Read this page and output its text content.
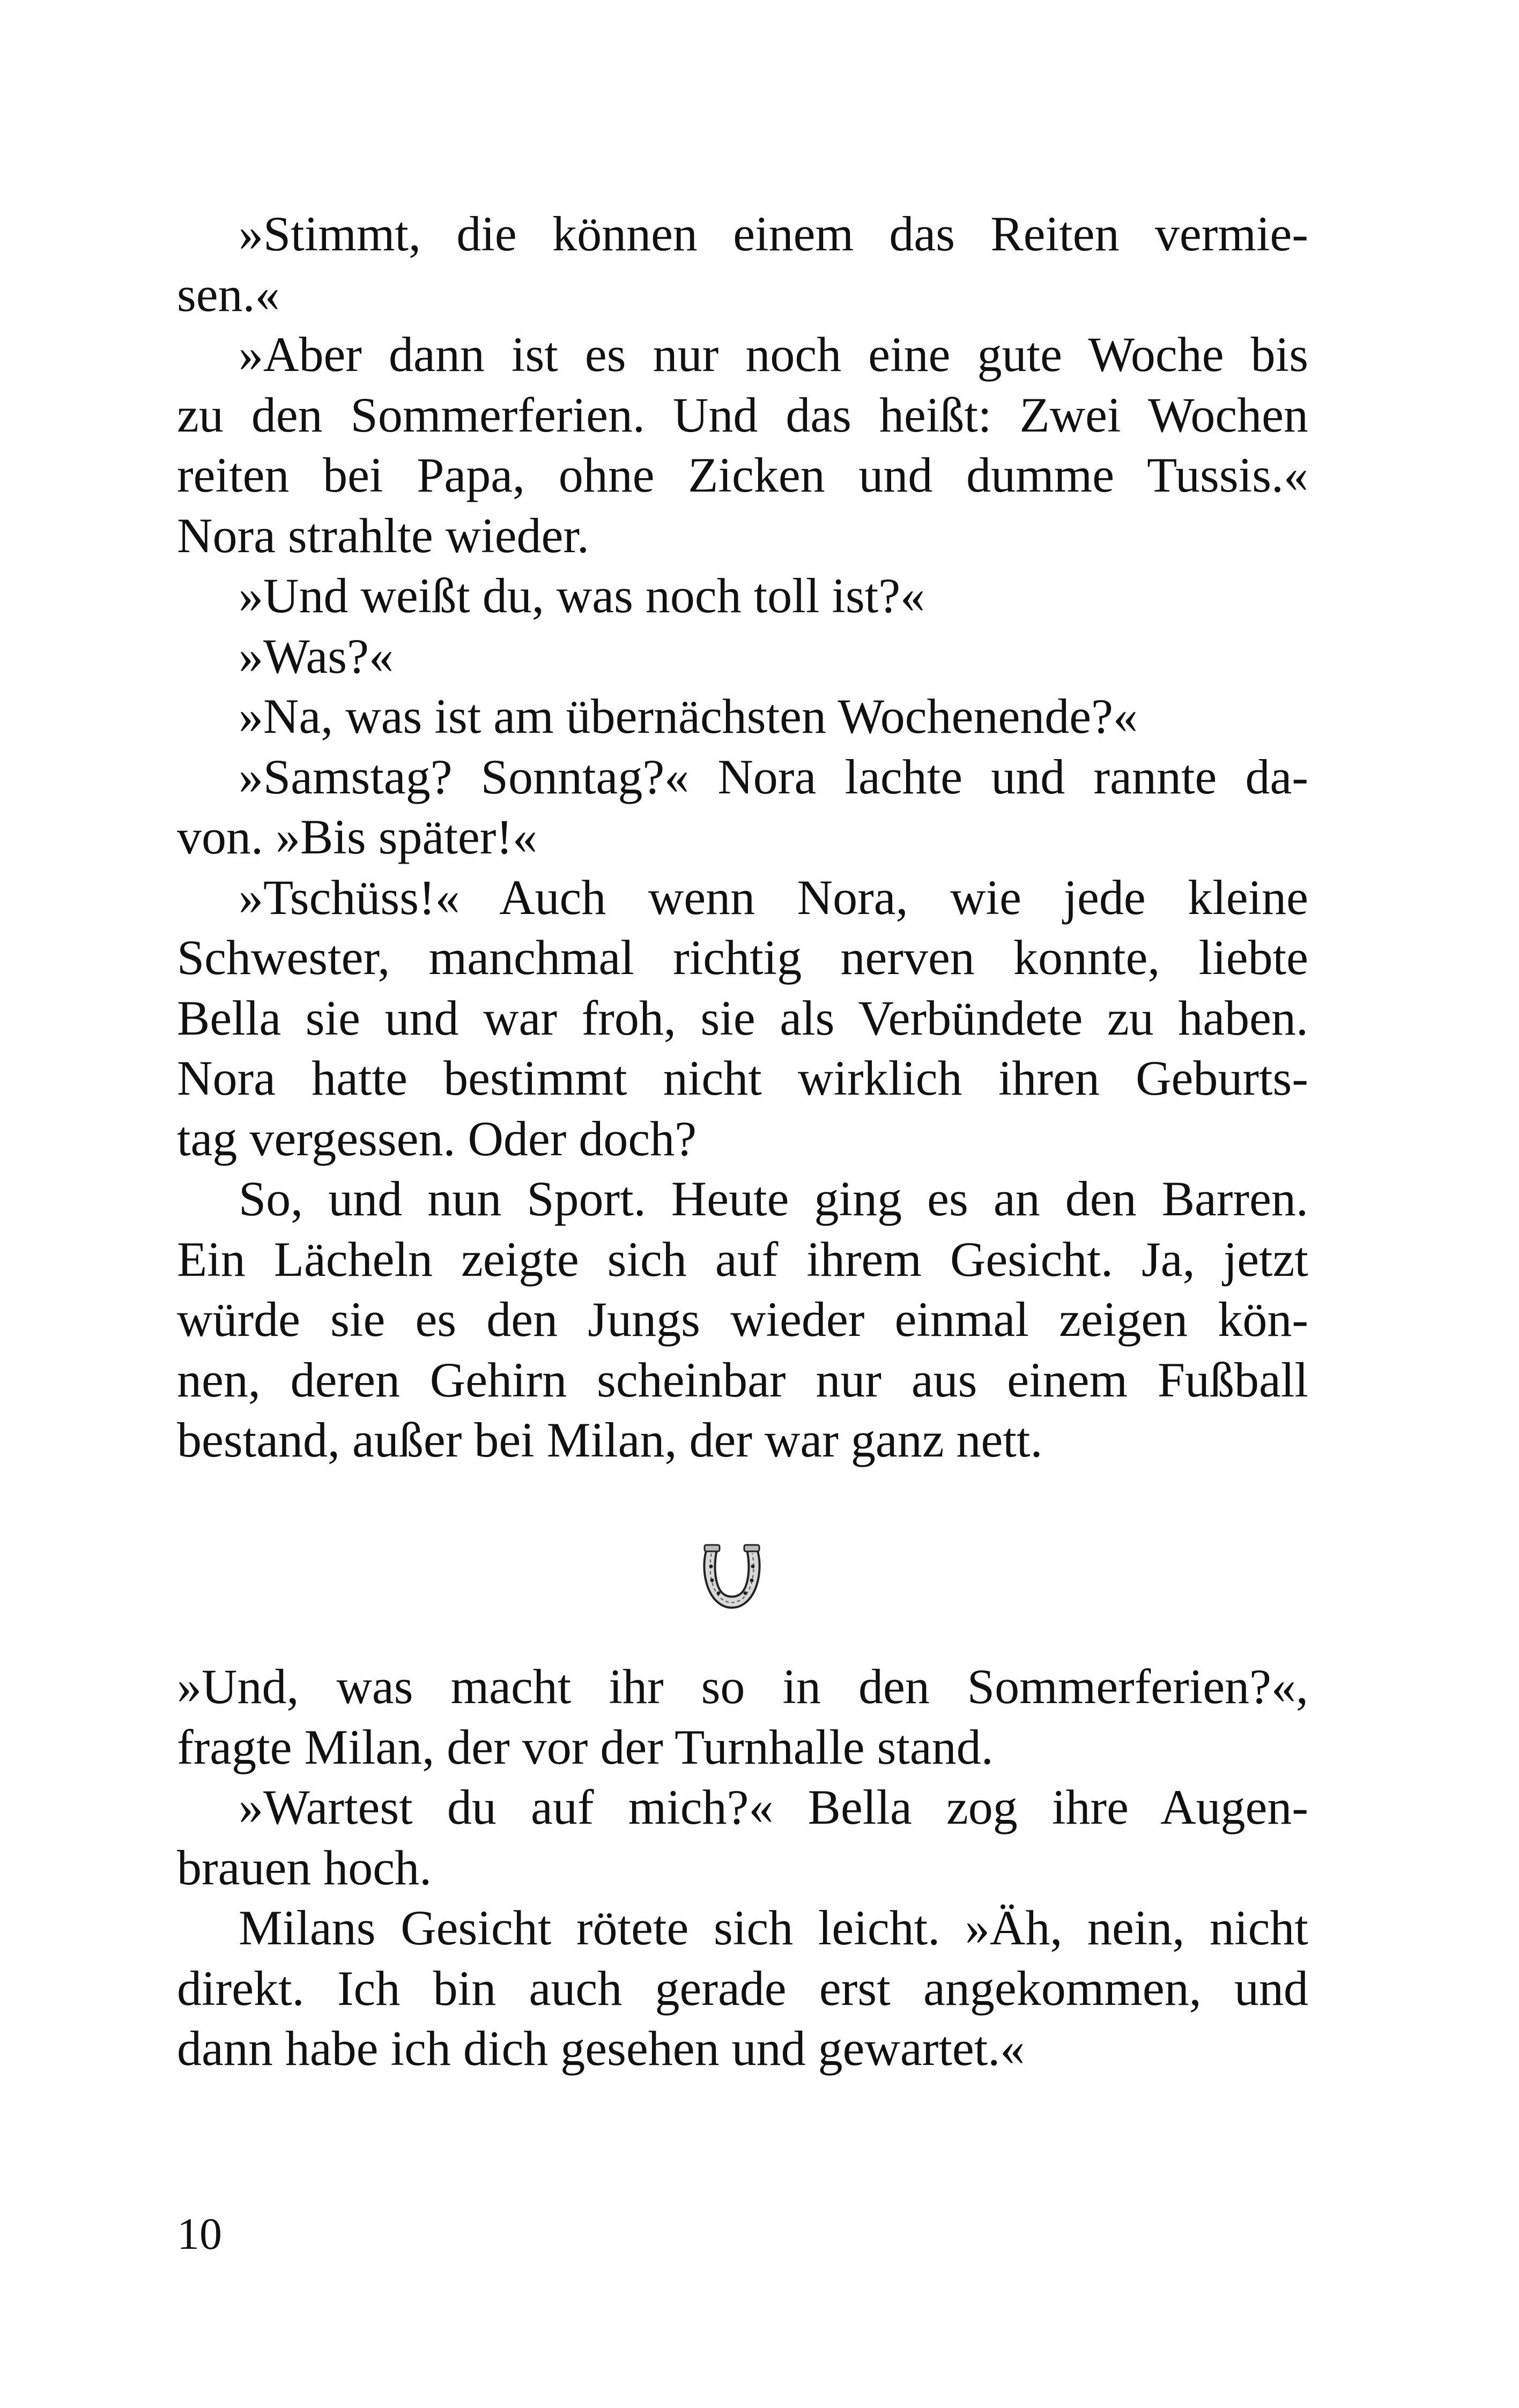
»Stimmt, die können einem das Reiten vermie-
sen.«
»Aber dann ist es nur noch eine gute Woche bis
zu den Sommerferien. Und das heißt: Zwei Wochen
reiten bei Papa, ohne Zicken und dumme Tussis.«
Nora strahlte wieder.
»Und weißt du, was noch toll ist?«
»Was?«
»Na, was ist am übernächsten Wochenende?«
»Samstag? Sonntag?« Nora lachte und rannte da-
von. »Bis später!«
»Tschüss!« Auch wenn Nora, wie jede kleine
Schwester, manchmal richtig nerven konnte, liebte
Bella sie und war froh, sie als Verbündete zu haben.
Nora hatte bestimmt nicht wirklich ihren Geburts-
tag vergessen. Oder doch?
So, und nun Sport. Heute ging es an den Barren.
Ein Lächeln zeigte sich auf ihrem Gesicht. Ja, jetzt
würde sie es den Jungs wieder einmal zeigen kön-
nen, deren Gehirn scheinbar nur aus einem Fußball
bestand, außer bei Milan, der war ganz nett.
»Und, was macht ihr so in den Sommerferien?«,
fragte Milan, der vor der Turnhalle stand.
»Wartest du auf mich?« Bella zog ihre Augen-
brauen hoch.
Milans Gesicht rötete sich leicht. »Äh, nein, nicht
direkt. Ich bin auch gerade erst angekommen, und
dann habe ich dich gesehen und gewartet.«
10
